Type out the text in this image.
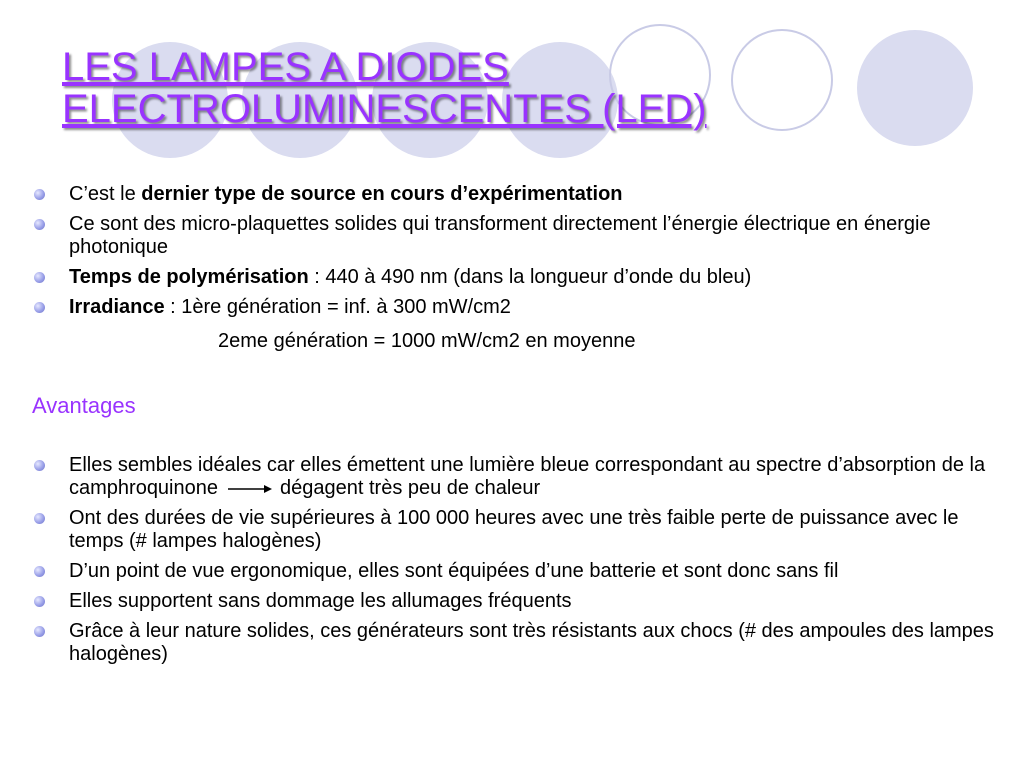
LES LAMPES A DIODES
ELECTROLUMINESCENTES (LED)
C’est le dernier type de source en cours d’expérimentation
Ce sont des micro-plaquettes solides qui transforment directement l’énergie électrique en énergie photonique
Temps de polymérisation : 440 à 490 nm (dans la longueur d’onde du bleu)
Irradiance : 1ère génération = inf. à 300 mW/cm2
2eme génération = 1000 mW/cm2 en moyenne
Avantages
Elles sembles idéales car elles émettent une lumière bleue correspondant au spectre d’absorption de la camphroquinone	dégagent très peu de chaleur
Ont des durées de vie supérieures à 100 000 heures avec une très faible perte de puissance avec le temps (# lampes halogènes)
D’un point de vue ergonomique, elles sont équipées d’une batterie et sont donc sans fil
Elles supportent sans dommage les allumages fréquents
Grâce à leur nature solides, ces générateurs sont très résistants aux chocs (# des ampoules des lampes halogènes)
